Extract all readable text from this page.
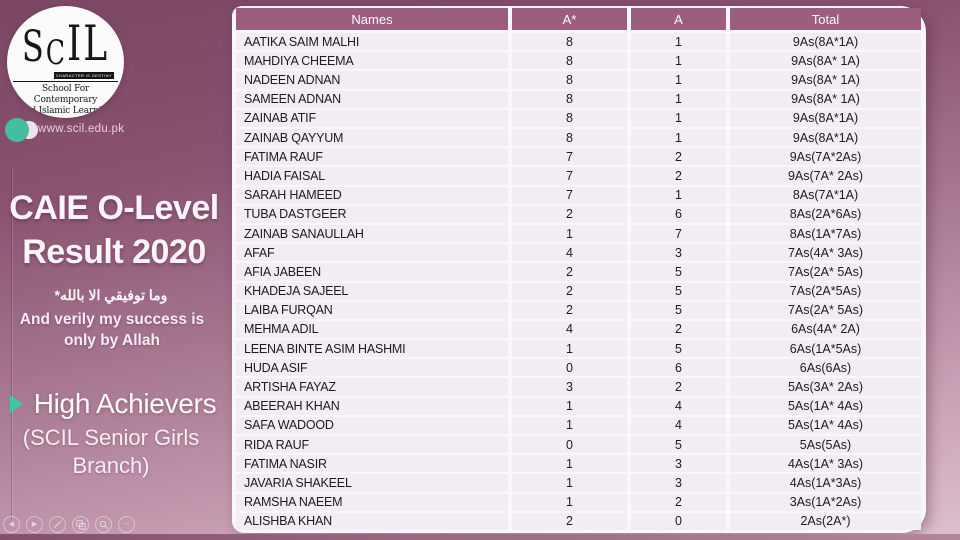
S C I L
CHARACTER IS DESTINY
School For Contemporary
And Islamic Learning
www.scil.edu.pk
CAIE O-Level
Result 2020
وما توفيقي الا بالله*
And verily my success is
only by Allah
High Achievers
(SCIL Senior Girls
Branch)
◀	▶	⋯
Names	A*	A	Total
AATIKA SAIM MALHI	8	1	9As(8A*1A)
MAHDIYA CHEEMA	8	1	9As(8A* 1A)
NADEEN ADNAN	8	1	9As(8A* 1A)
SAMEEN ADNAN	8	1	9As(8A* 1A)
ZAINAB ATIF	8	1	9As(8A*1A)
ZAINAB QAYYUM	8	1	9As(8A*1A)
FATIMA RAUF	7	2	9As(7A*2As)
HADIA FAISAL	7	2	9As(7A* 2As)
SARAH HAMEED	7	1	8As(7A*1A)
TUBA DASTGEER	2	6	8As(2A*6As)
ZAINAB SANAULLAH	1	7	8As(1A*7As)
AFAF	4	3	7As(4A* 3As)
AFIA JABEEN	2	5	7As(2A* 5As)
KHADEJA SAJEEL	2	5	7As(2A*5As)
LAIBA FURQAN	2	5	7As(2A* 5As)
MEHMA ADIL	4	2	6As(4A* 2A)
LEENA BINTE ASIM HASHMI	1	5	6As(1A*5As)
HUDA ASIF	0	6	6As(6As)
ARTISHA FAYAZ	3	2	5As(3A* 2As)
ABEERAH KHAN	1	4	5As(1A* 4As)
SAFA WADOOD	1	4	5As(1A* 4As)
RIDA RAUF	0	5	5As(5As)
FATIMA NASIR	1	3	4As(1A* 3As)
JAVARIA SHAKEEL	1	3	4As(1A*3As)
RAMSHA NAEEM	1	2	3As(1A*2As)
ALISHBA KHAN	2	0	2As(2A*)
